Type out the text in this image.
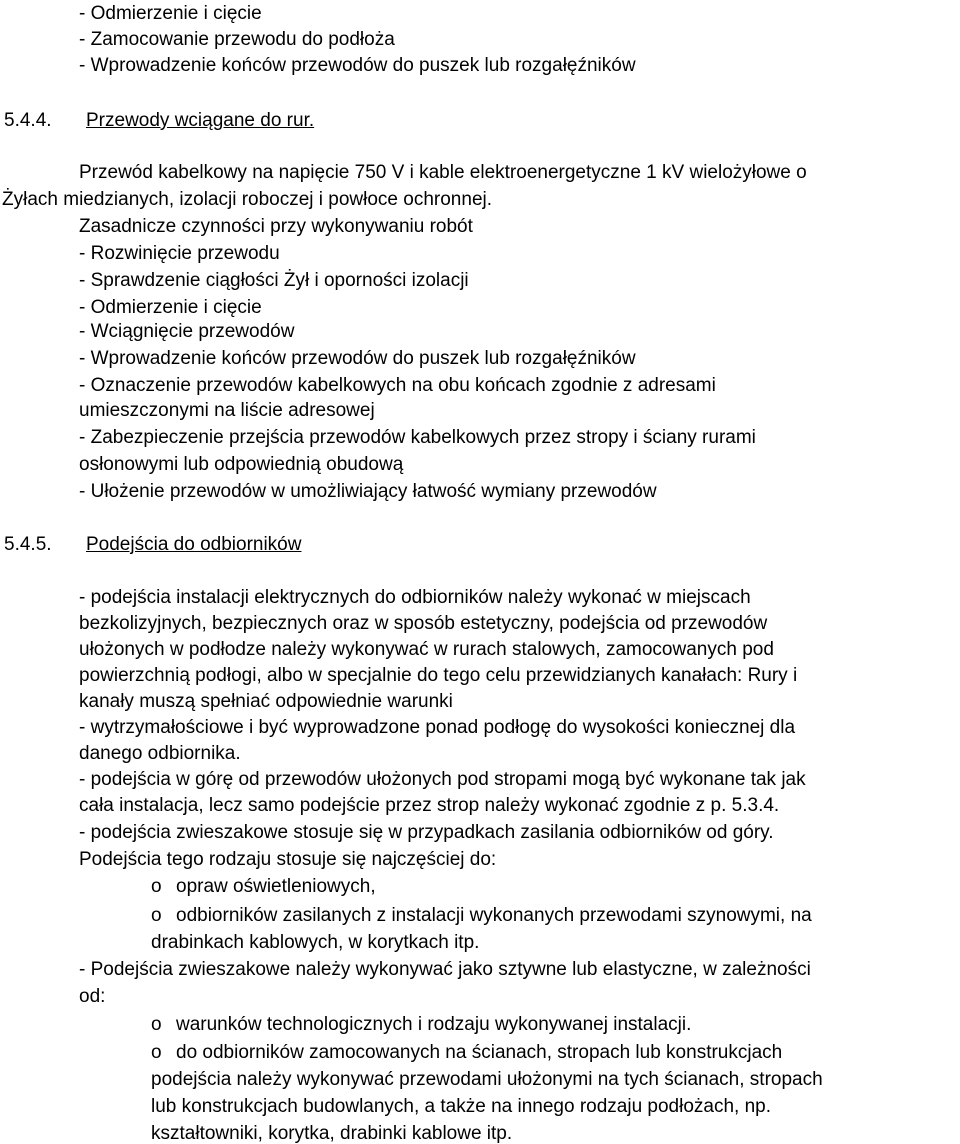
- Odmierzenie i cięcie
- Zamocowanie przewodu do podłoża
- Wprowadzenie końców przewodów do puszek lub rozgałęźników
5.4.4. Przewody wciągane do rur.
Przewód kabelkowy na napięcie 750 V i kable elektroenergetyczne 1 kV wielożyłowe o
Żyłach miedzianych, izolacji roboczej i powłoce ochronnej.
Zasadnicze czynności przy wykonywaniu robót
- Rozwinięcie przewodu
- Sprawdzenie ciągłości Żył i oporności izolacji
- Odmierzenie i cięcie
- Wciągnięcie przewodów
- Wprowadzenie końców przewodów do puszek lub rozgałęźników
- Oznaczenie przewodów kabelkowych na obu końcach zgodnie z adresami
umieszczonymi na liście adresowej
- Zabezpieczenie przejścia przewodów kabelkowych przez stropy i ściany rurami
osłonowymi lub odpowiednią obudową
- Ułożenie przewodów w umożliwiający łatwość wymiany przewodów
5.4.5. Podejścia do odbiorników
- podejścia instalacji elektrycznych do odbiorników należy wykonać w miejscach
bezkolizyjnych, bezpiecznych oraz w sposób estetyczny, podejścia od przewodów
ułożonych w podłodze należy wykonywać w rurach stalowych, zamocowanych pod
powierzchnią podłogi, albo w specjalnie do tego celu przewidzianych kanałach: Rury i
kanały muszą spełniać odpowiednie warunki
- wytrzymałościowe i być wyprowadzone ponad podłogę do wysokości koniecznej dla
danego odbiornika.
- podejścia w górę od przewodów ułożonych pod stropami mogą być wykonane tak jak
cała instalacja, lecz samo podejście przez strop należy wykonać zgodnie z p. 5.3.4.
- podejścia zwieszakowe stosuje się w przypadkach zasilania odbiorników od góry.
Podejścia tego rodzaju stosuje się najczęściej do:
o opraw oświetleniowych,
o odbiorników zasilanych z instalacji wykonanych przewodami szynowymi, na
drabinkach kablowych, w korytkach itp.
- Podejścia zwieszakowe należy wykonywać jako sztywne lub elastyczne, w zależności
od:
o warunków technologicznych i rodzaju wykonywanej instalacji.
o do odbiorników zamocowanych na ścianach, stropach lub konstrukcjach
podejścia należy wykonywać przewodami ułożonymi na tych ścianach, stropach
lub konstrukcjach budowlanych, a także na innego rodzaju podłożach, np.
kształtowniki, korytka, drabinki kablowe itp.
